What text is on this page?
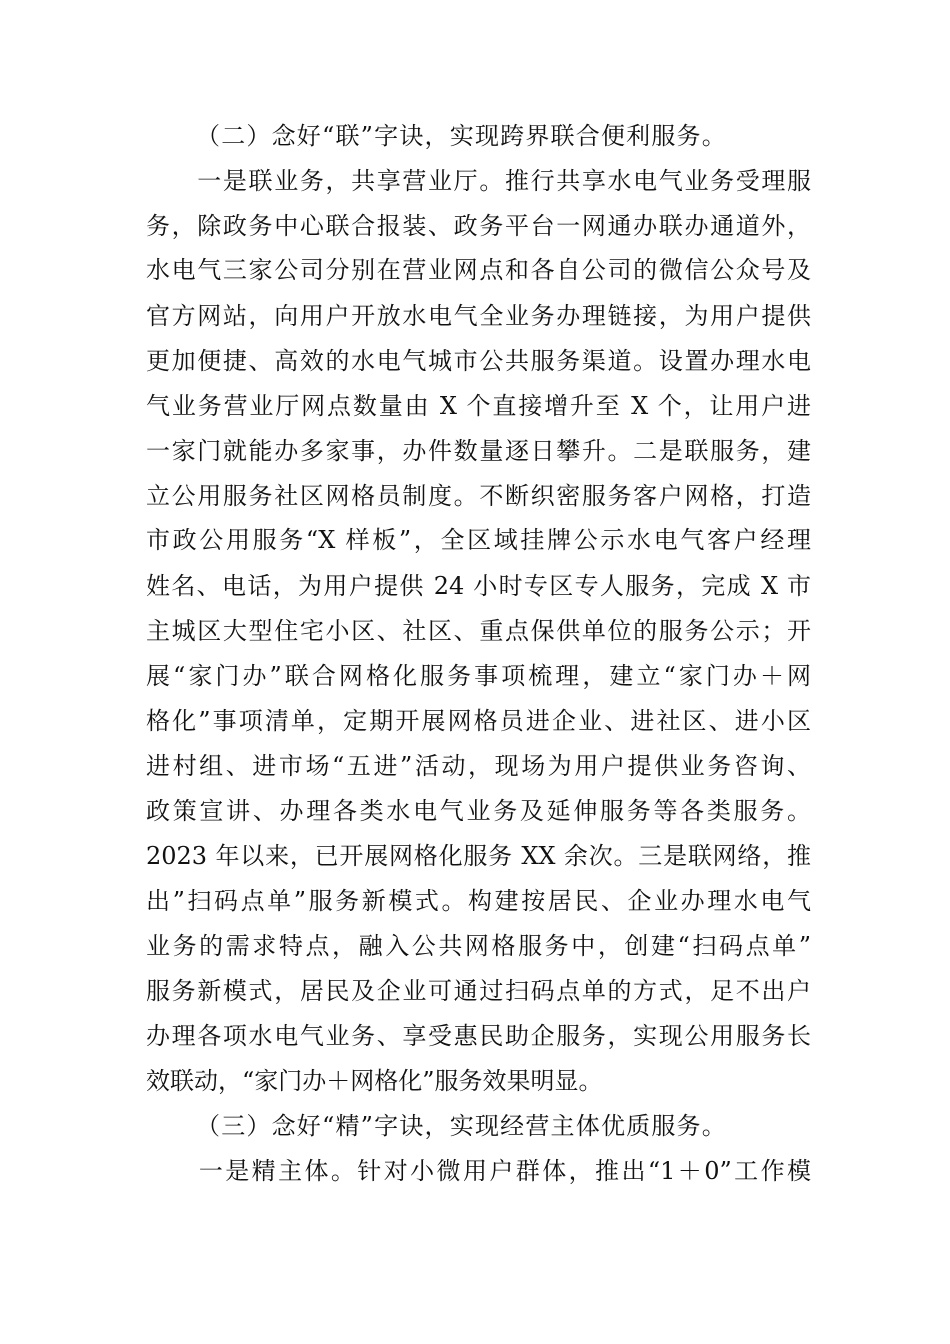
（二）念好“联”字诀，实现跨界联合便利服务。
　　一是联业务，共享营业厅。推行共享水电气业务受理服
务，除政务中心联合报装、政务平台一网通办联办通道外，
水电气三家公司分别在营业网点和各自公司的微信公众号及
官方网站，向用户开放水电气全业务办理链接，为用户提供
更加便捷、高效的水电气城市公共服务渠道。设置办理水电
气业务营业厅网点数量由 X 个直接增升至 X 个，让用户进
一家门就能办多家事，办件数量逐日攀升。二是联服务，建
立公用服务社区网格员制度。不断织密服务客户网格，打造
市政公用服务“X 样板”，全区域挂牌公示水电气客户经理
姓名、电话，为用户提供 24 小时专区专人服务，完成 X 市
主城区大型住宅小区、社区、重点保供单位的服务公示；开
展“家门办”联合网格化服务事项梳理，建立“家门办＋网
格化”事项清单，定期开展网格员进企业、进社区、进小区
进村组、进市场“五进”活动，现场为用户提供业务咨询、
政策宣讲、办理各类水电气业务及延伸服务等各类服务。
2023 年以来，已开展网格化服务 XX 余次。三是联网络，推
出”扫码点单”服务新模式。构建按居民、企业办理水电气
业务的需求特点，融入公共网格服务中，创建“扫码点单”
服务新模式，居民及企业可通过扫码点单的方式，足不出户
办理各项水电气业务、享受惠民助企服务，实现公用服务长
效联动，“家门办＋网格化”服务效果明显。
（三）念好“精”字诀，实现经营主体优质服务。
　　一是精主体。针对小微用户群体，推出“1＋0”工作模
